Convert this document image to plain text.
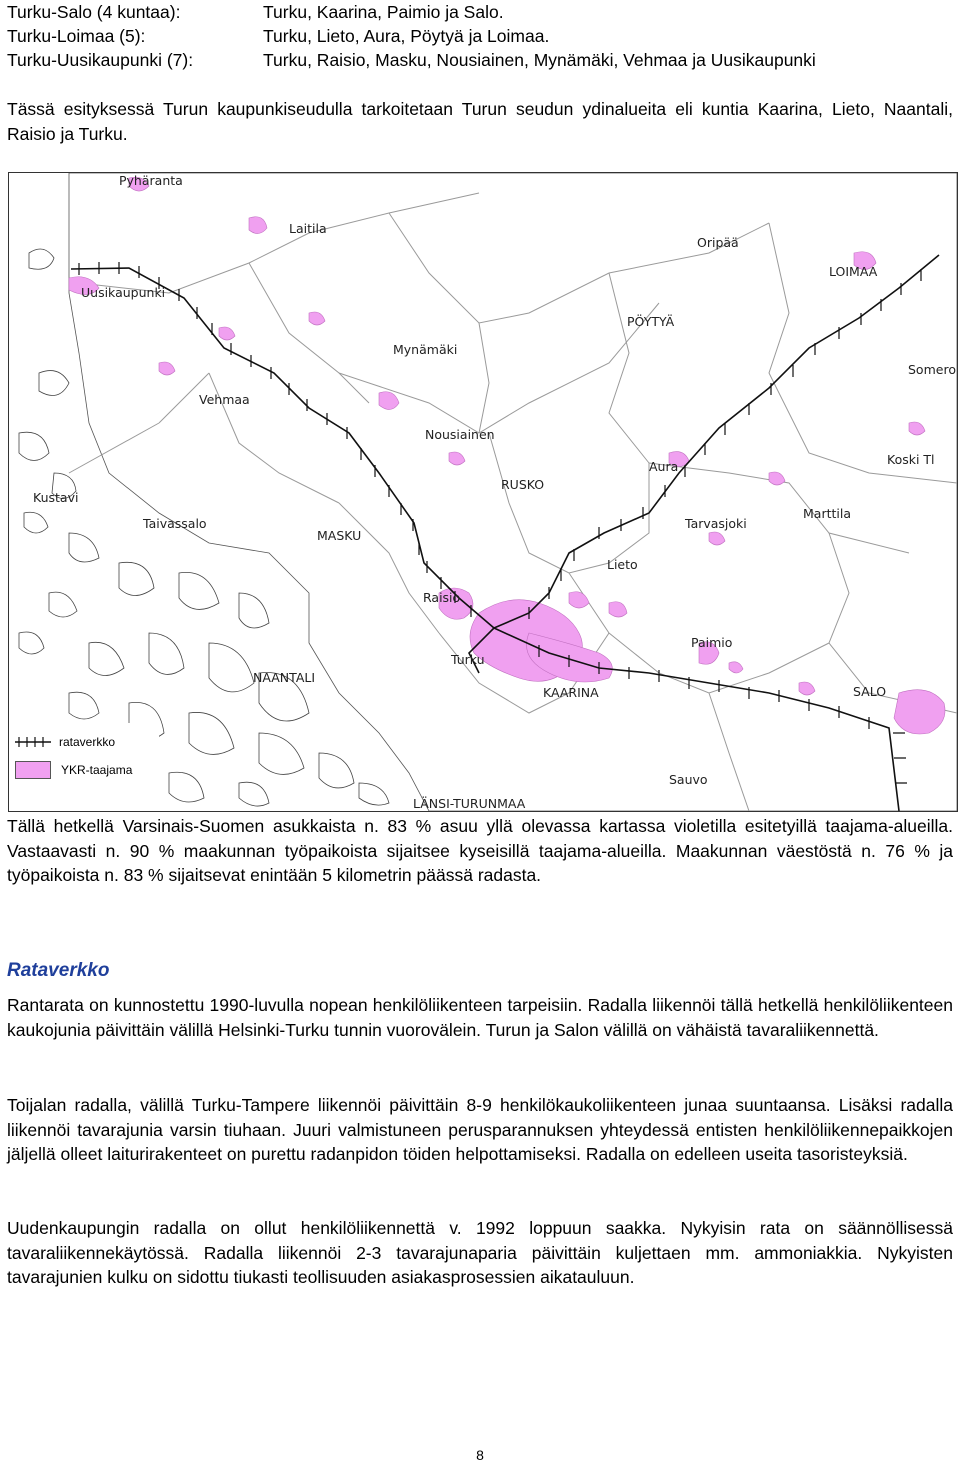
Turku-Salo (4 kuntaa):	Turku, Kaarina, Paimio ja Salo.
Turku-Loimaa (5):	Turku, Lieto, Aura, Pöytyä ja Loimaa.
Turku-Uusikaupunki (7):	Turku, Raisio, Masku, Nousiainen, Mynämäki, Vehmaa ja Uusikaupunki

Tässä esityksessä Turun kaupunkiseudulla tarkoitetaan Turun seudun ydinalueita eli kuntia Kaarina, Lieto, Naantali, Raisio ja Turku.

Pyhäranta
Laitila
Oripää
LOIMAA
Uusikaupunki
PÖYTYÄ
Mynämäki
Somero
Vehmaa
Nousiainen
Aura	Koski Tl
RUSKO
Kustavi
Taivassalo
MASKU
Tarvasjoki
Marttila
Lieto
Raisio
Paimio
Turku
NAANTALI
KAARINA	SALO
Sauvo
LÄNSI-TURUNMAA
rataverkko
YKR-taajama

Tällä hetkellä Varsinais-Suomen asukkaista n. 83 % asuu yllä olevassa kartassa violetilla esitetyillä taajama-alueilla. Vastaavasti n. 90 % maakunnan työpaikoista sijaitsee kyseisillä taajama-alueilla. Maakunnan väestöstä n. 76 % ja työpaikoista n. 83 % sijaitsevat enintään 5 kilometrin päässä radasta.

Rataverkko

Rantarata on kunnostettu 1990-luvulla nopean henkilöliikenteen tarpeisiin. Radalla liikennöi tällä hetkellä henkilöliikenteen kaukojunia päivittäin välillä Helsinki-Turku tunnin vuorovälein. Turun ja Salon välillä on vähäistä tavaraliikennettä.

Toijalan radalla, välillä Turku-Tampere liikennöi päivittäin 8-9 henkilökaukoliikenteen junaa suuntaansa. Lisäksi radalla liikennöi tavarajunia varsin tiuhaan. Juuri valmistuneen perusparannuksen yhteydessä entisten henkilöliikennepaikkojen jäljellä olleet laiturirakenteet on purettu radanpidon töiden helpottamiseksi. Radalla on edelleen useita tasoristeyksiä.

Uudenkaupungin radalla on ollut henkilöliikennettä v. 1992 loppuun saakka. Nykyisin rata on säännöllisessä tavaraliikennekäytössä. Radalla liikennöi 2-3 tavarajunaparia päivittäin kuljettaen mm. ammoniakkia. Nykyisten tavarajunien kulku on sidottu tiukasti teollisuuden asiakasprosessien aikatauluun.

8
